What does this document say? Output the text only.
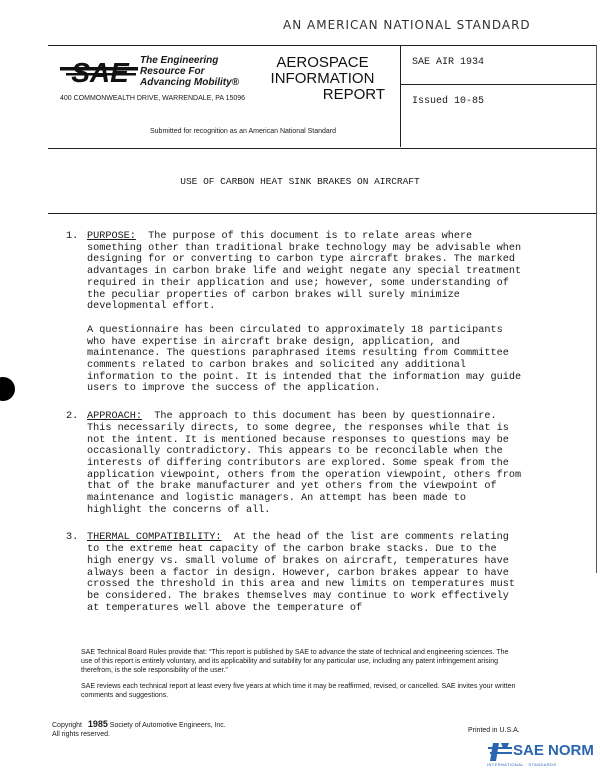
AN AMERICAN NATIONAL STANDARD
SAE The Engineering
Resource For
Advancing Mobility®
400 COMMONWEALTH DRIVE, WARRENDALE, PA 15096
AEROSPACE
INFORMATION
REPORT
SAE AIR 1934
Issued 10-85
Submitted for recognition as an American National Standard
USE OF CARBON HEAT SINK BRAKES ON AIRCRAFT
1. PURPOSE: The purpose of this document is to relate areas where something other than traditional brake technology may be advisable when designing for or converting to carbon type aircraft brakes. The marked advantages in carbon brake life and weight negate any special treatment required in their application and use; however, some understanding of the peculiar properties of carbon brakes will surely minimize developmental effort.
A questionnaire has been circulated to approximately 18 participants who have expertise in aircraft brake design, application, and maintenance. The questions paraphrased items resulting from Committee comments related to carbon brakes and solicited any additional information to the point. It is intended that the information may guide users to improve the success of the application.
2. APPROACH: The approach to this document has been by questionnaire. This necessarily directs, to some degree, the responses while that is not the intent. It is mentioned because responses to questions may be occasionally contradictory. This appears to be reconcilable when the interests of differing contributors are explored. Some speak from the application viewpoint, others from the operation viewpoint, others from that of the brake manufacturer and yet others from the viewpoint of maintenance and logistic managers. An attempt has been made to highlight the concerns of all.
3. THERMAL COMPATIBILITY: At the head of the list are comments relating to the extreme heat capacity of the carbon brake stacks. Due to the high energy vs. small volume of brakes on aircraft, temperatures have always been a factor in design. However, carbon brakes appear to have crossed the threshold in this area and new limits on temperatures must be considered. The brakes themselves may continue to work effectively at temperatures well above the temperature of

SAE Technical Board Rules provide that: “This report is published by SAE to advance the state of technical and engineering sciences. The use of this report is entirely voluntary, and its applicability and suitability for any particular use, including any patent infringement arising therefrom, is the sole responsibility of the user.”

SAE reviews each technical report at least every five years at which time it may be reaffirmed, revised, or cancelled. SAE invites your written comments and suggestions.

Copyright 1985 Society of Automotive Engineers, Inc.
All rights reserved.
Printed in U.S.A.
SAE NORM
INTERNATIONAL · STANDARDS
